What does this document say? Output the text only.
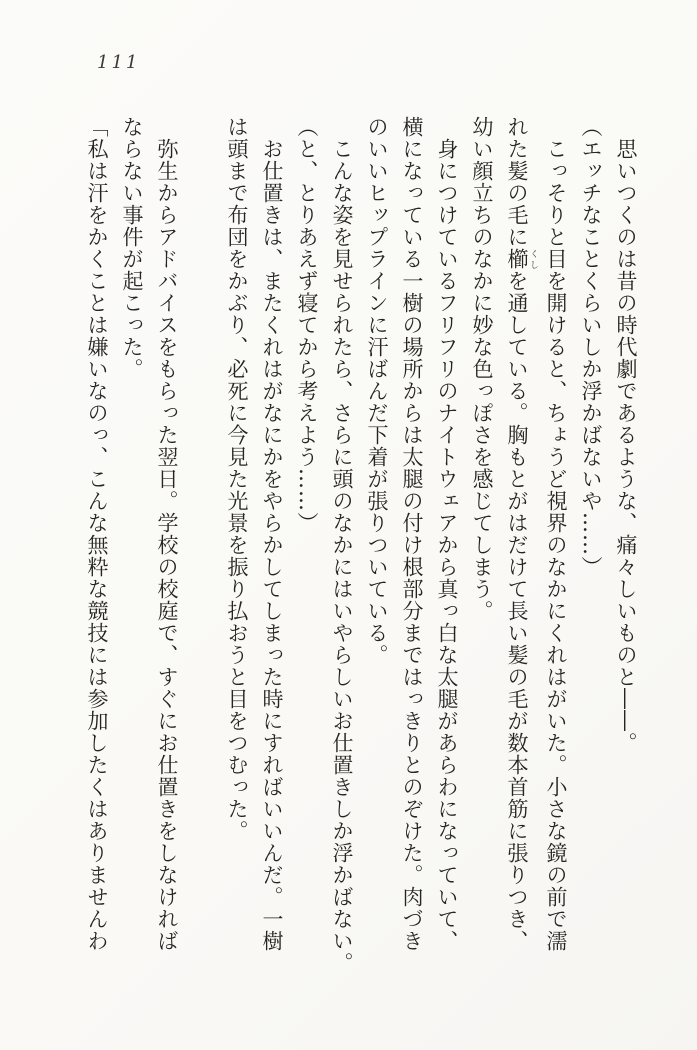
111

　思いつくのは昔の時代劇であるような、痛々しいものと――。

（エッチなことくらいしか浮かばないや……）

　こっそりと目を開けると、ちょうど視界のなかにくれはがいた。小さな鏡の前で濡

れた髪の毛に櫛 くしを通している。胸もとがはだけて長い髪の毛が数本首筋に張りつき、

幼い顔立ちのなかに妙な色っぽさを感じてしまう。

　身につけているフリフリのナイトウェアから真っ白な太腿があらわになっていて、

横になっている一樹の場所からは太腿の付け根部分まではっきりとのぞけた。肉づき

のいいヒップラインに汗ばんだ下着が張りついている。

　こんな姿を見せられたら、さらに頭のなかにはいやらしいお仕置きしか浮かばない。

（と、とりあえず寝てから考えよう……）

　お仕置きは、またくれはがなにかをやらかしてしまった時にすればいいんだ。一樹

は頭まで布団をかぶり、必死に今見た光景を振り払おうと目をつむった。

　弥生からアドバイスをもらった翌日。学校の校庭で、すぐにお仕置きをしなければ

ならない事件が起こった。

「私は汗をかくことは嫌いなのっ、こんな無粋な競技には参加したくはありませんわ
